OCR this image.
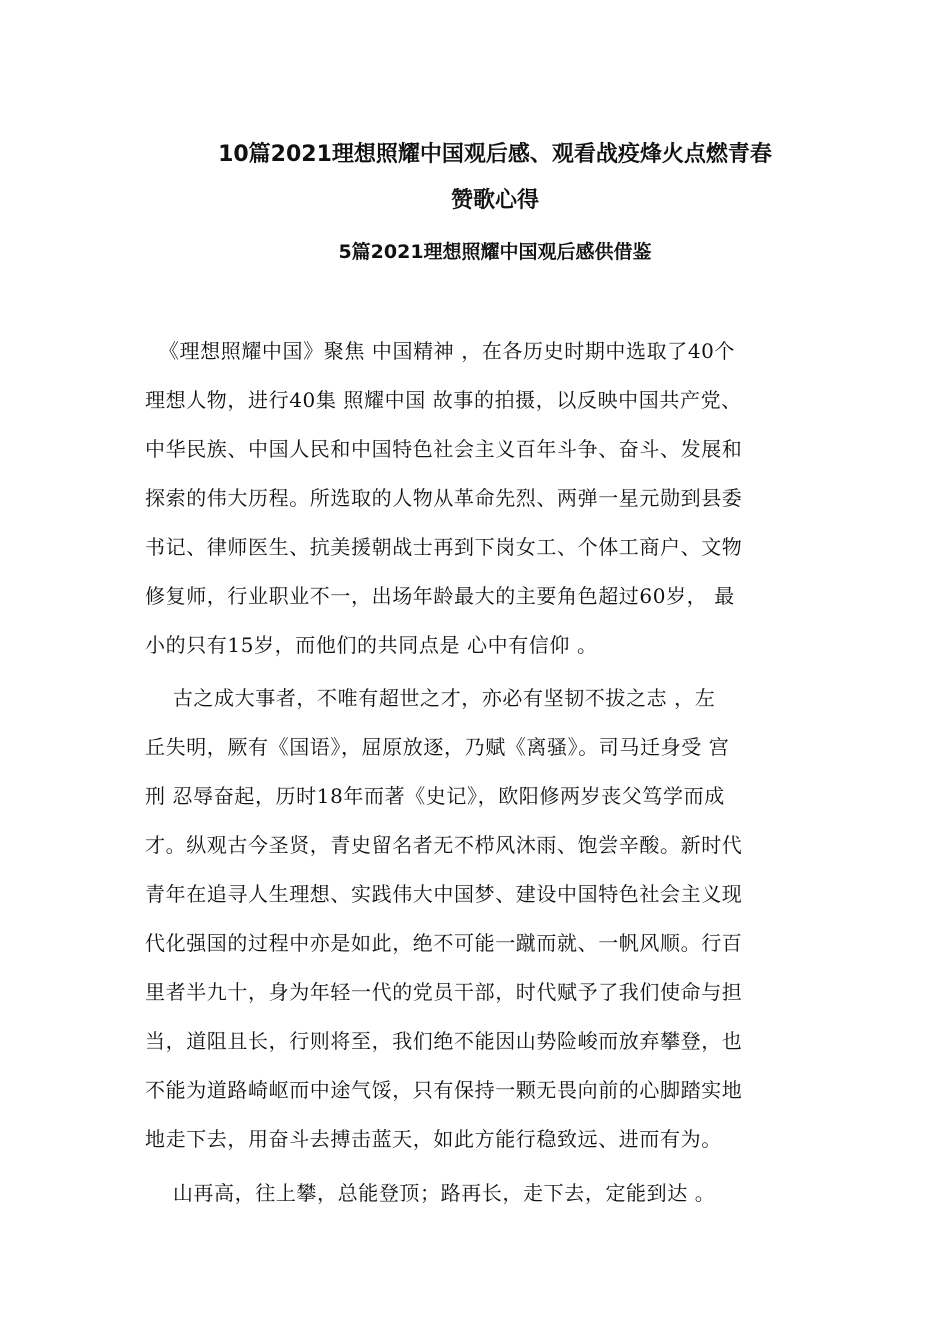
10篇2021理想照耀中国观后感、观看战疫烽火点燃青春
赞歌心得
5篇2021理想照耀中国观后感供借鉴
《理想照耀中国》聚焦 中国精神 ，在各历史时期中选取了40个
理想人物，进行40集 照耀中国 故事的拍摄，以反映中国共产党、
中华民族、中国人民和中国特色社会主义百年斗争、奋斗、发展和
探索的伟大历程。所选取的人物从革命先烈、两弹一星元勋到县委
书记、律师医生、抗美援朝战士再到下岗女工、个体工商户、文物
修复师，行业职业不一，出场年龄最大的主要角色超过60岁， 最
小的只有15岁，而他们的共同点是 心中有信仰 。
古之成大事者，不唯有超世之才，亦必有坚韧不拔之志 ，左
丘失明，厥有《国语》，屈原放逐，乃赋《离骚》。司马迁身受 宫
刑 忍辱奋起，历时18年而著《史记》，欧阳修两岁丧父笃学而成
才。纵观古今圣贤，青史留名者无不栉风沐雨、饱尝辛酸。新时代
青年在追寻人生理想、实践伟大中国梦、建设中国特色社会主义现
代化强国的过程中亦是如此，绝不可能一蹴而就、一帆风顺。行百
里者半九十，身为年轻一代的党员干部，时代赋予了我们使命与担
当，道阻且长，行则将至，我们绝不能因山势险峻而放弃攀登，也
不能为道路崎岖而中途气馁，只有保持一颗无畏向前的心脚踏实地
地走下去，用奋斗去搏击蓝天，如此方能行稳致远、进而有为。
山再高，往上攀，总能登顶；路再长，走下去，定能到达 。
